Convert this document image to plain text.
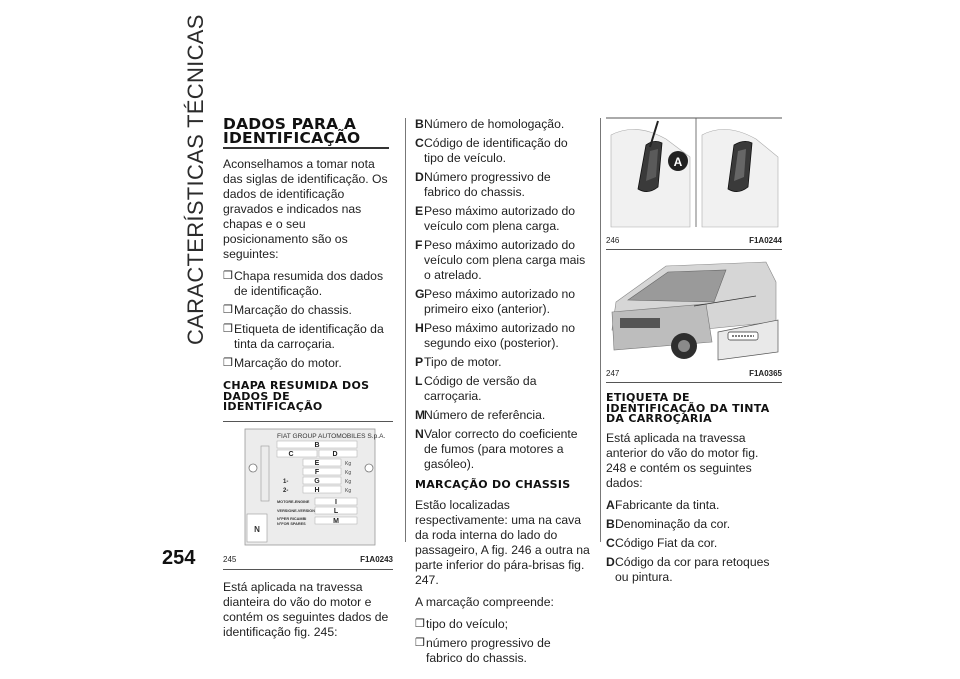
CARACTERÍSTICAS TÉCNICAS
254
DADOS PARA A
IDENTIFICAÇÃO

Aconselhamos a tomar nota das siglas de identificação. Os dados de identificação gravados e indicados nas chapas e o seu posicionamento são os seguintes:

❒ Chapa resumida dos dados de identificação.
❒ Marcação do chassis.
❒ Etiqueta de identificação da tinta da carroçaria.
❒ Marcação do motor.
CHAPA RESUMIDA DOS
DADOS DE
IDENTIFICAÇÃO
N
FIAT GROUP AUTOMOBILES S.p.A.
B
C	D
E	Kg
F	Kg
1-	G	Kg
2-	H	Kg
MOTORE-ENGINE	I
VERSIONE-VERSION	L
N°PER RICAMBI
N°FOR SPARES	M
245	F1A0243

Está aplicada na travessa dianteira do vão do motor e contém os seguintes dados de identificação fig. 245:

B Número de homologação.
C Código de identificação do tipo de veículo.
D Número progressivo de fabrico do chassis.
E Peso máximo autorizado do veículo com plena carga.
F Peso máximo autorizado do veículo com plena carga mais o atrelado.
G Peso máximo autorizado no primeiro eixo (anterior).
H Peso máximo autorizado no segundo eixo (posterior).
P Tipo de motor.
L Código de versão da carroçaria.
M
Número de referência.
N Valor correcto do coeficiente de fumos (para motores a gasóleo).
MARCAÇÃO DO CHASSIS

Estão localizadas respectivamente: uma na cava da roda interna do lado do passageiro, A fig. 246 a outra na parte inferior do pára-brisas fig. 247.

A marcação compreende:

❒ tipo do veículo;
❒ número progressivo de fabrico do chassis.
A
246	F1A0244
247	F1A0365
ETIQUETA DE
IDENTIFICAÇÃO DA TINTA
DA CARROÇARIA

Está aplicada na travessa anterior do vão do motor fig. 248 e contém os seguintes dados:

A Fabricante da tinta.
B Denominação da cor.
C Código Fiat da cor.
D Código da cor para retoques ou pintura.
